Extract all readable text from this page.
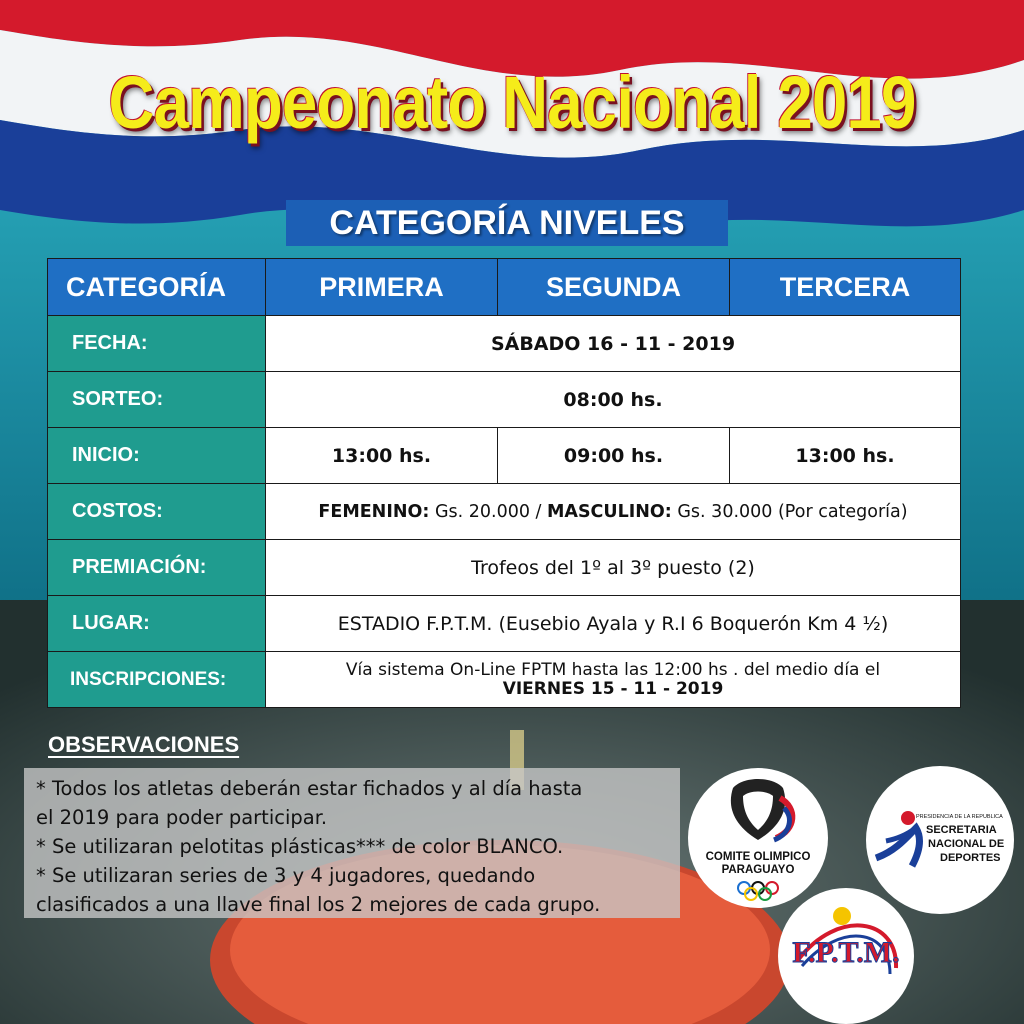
Campeonato Nacional 2019
CATEGORÍA NIVELES
CATEGORÍA	PRIMERA	SEGUNDA	TERCERA
FECHA:	SÁBADO 16 - 11 - 2019		
SORTEO:	08:00 hs.		
INICIO:	13:00 hs.	09:00 hs.	13:00 hs.
COSTOS:	FEMENINO: Gs. 20.000 / MASCULINO: Gs. 30.000 (Por categoría)		
PREMIACIÓN:	Trofeos del 1º al 3º puesto (2)		
LUGAR:	ESTADIO F.P.T.M. (Eusebio Ayala y R.I 6 Boquerón Km 4 ½)		
INSCRIPCIONES:	Vía sistema On-Line FPTM hasta las 12:00 hs . del medio día el
VIERNES 15 - 11 - 2019		
OBSERVACIONES
* Todos los atletas deberán estar fichados y al día hasta
el 2019 para poder participar.
* Se utilizaran pelotitas plásticas*** de color BLANCO.
* Se utilizaran series de 3 y 4 jugadores, quedando
clasificados a una llave final los 2 mejores de cada grupo.
COMITE OLIMPICO
PARAGUAYO
PRESIDENCIA DE LA REPUBLICA
SECRETARIA
NACIONAL DE
DEPORTES
F.P.T.M.
